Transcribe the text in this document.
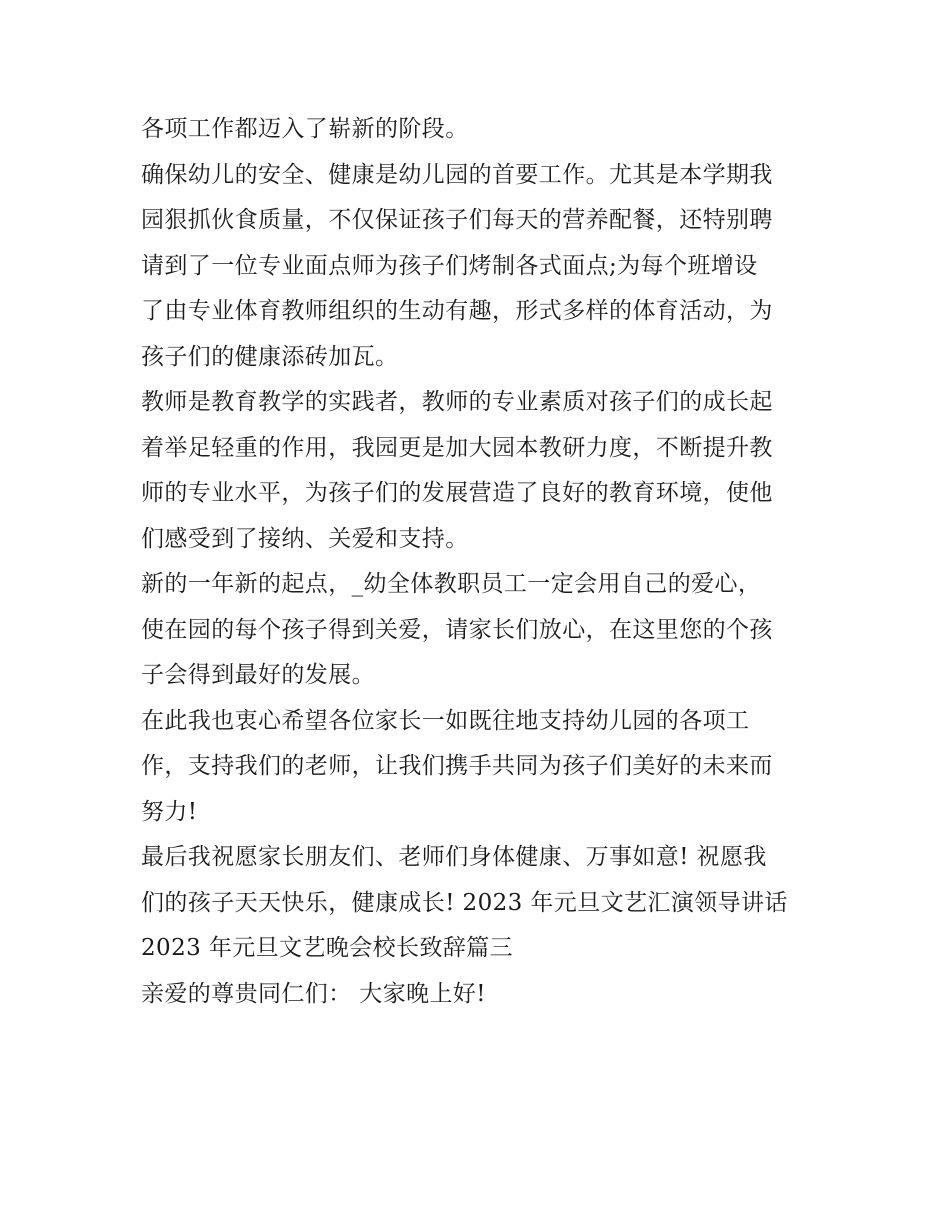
各项工作都迈入了崭新的阶段。
确保幼儿的安全、健康是幼儿园的首要工作。尤其是本学期我
园狠抓伙食质量，不仅保证孩子们每天的营养配餐，还特别聘
请到了一位专业面点师为孩子们烤制各式面点;为每个班增设
了由专业体育教师组织的生动有趣，形式多样的体育活动，为
孩子们的健康添砖加瓦。
教师是教育教学的实践者，教师的专业素质对孩子们的成长起
着举足轻重的作用，我园更是加大园本教研力度，不断提升教
师的专业水平，为孩子们的发展营造了良好的教育环境，使他
们感受到了接纳、关爱和支持。
新的一年新的起点，_幼全体教职员工一定会用自己的爱心，
使在园的每个孩子得到关爱，请家长们放心，在这里您的个孩
子会得到最好的发展。
在此我也衷心希望各位家长一如既往地支持幼儿园的各项工
作，支持我们的老师，让我们携手共同为孩子们美好的未来而
努力!
最后我祝愿家长朋友们、老师们身体健康、万事如意! 祝愿我
们的孩子天天快乐，健康成长! 2023 年元旦文艺汇演领导讲话
2023 年元旦文艺晚会校长致辞篇三
亲爱的尊贵同仁们： 大家晚上好!
